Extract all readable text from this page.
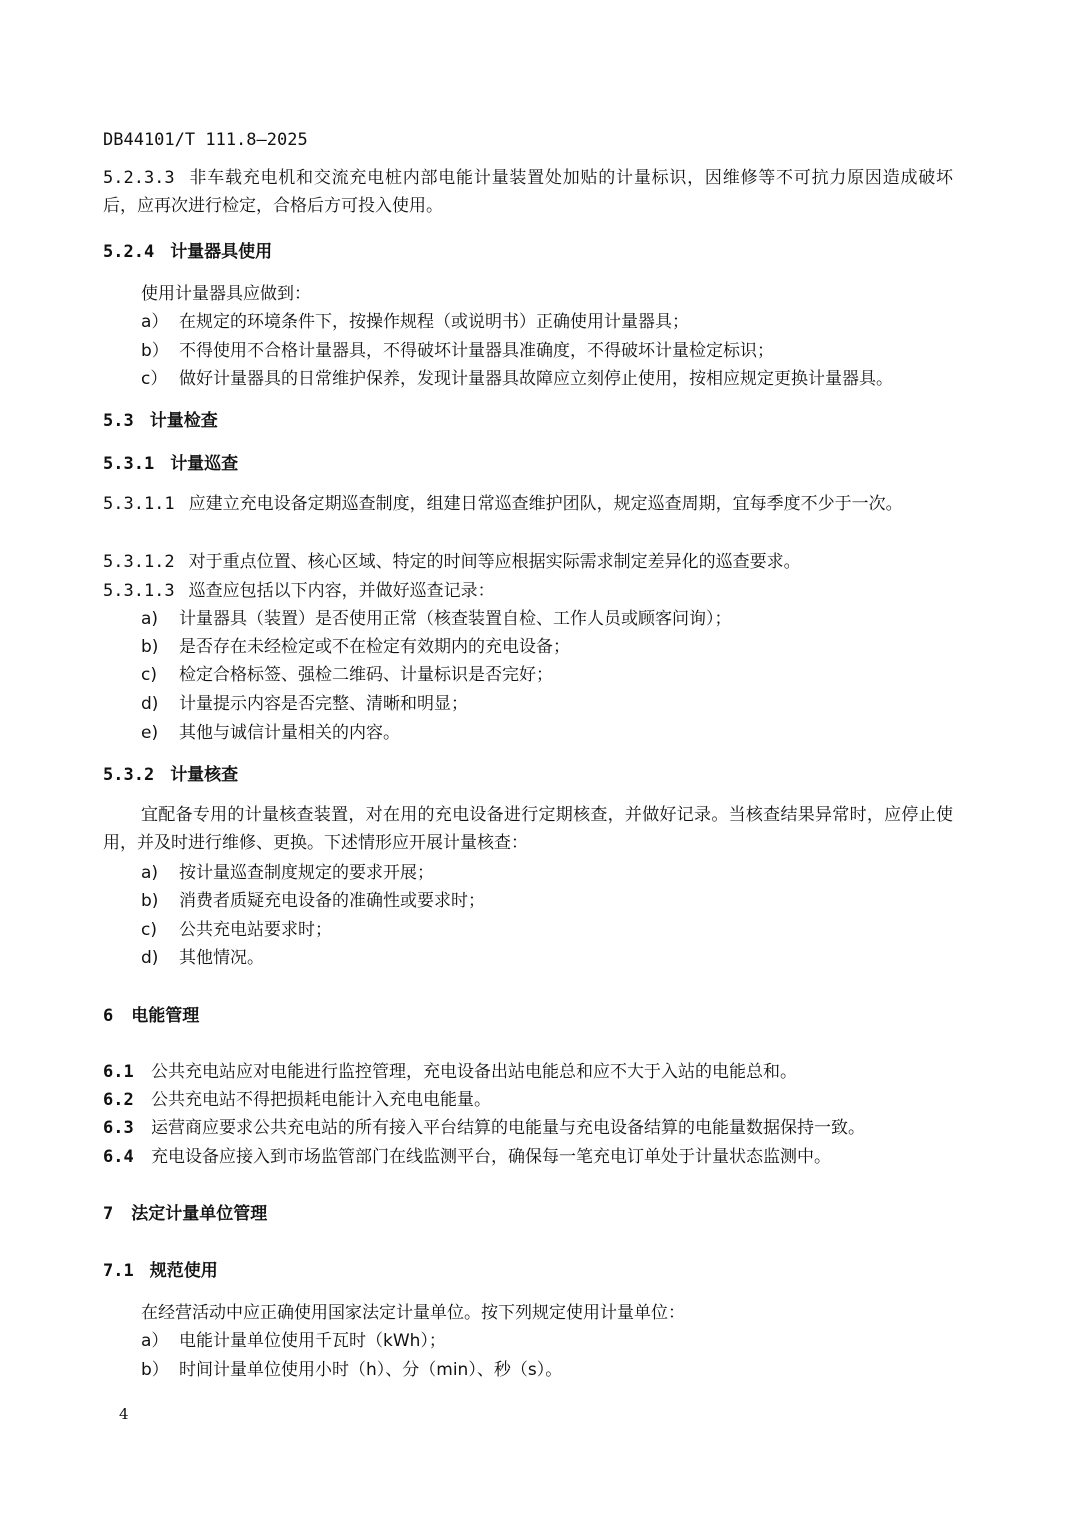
DB44101/T 111.8—2025
5.2.3.3 非车载充电机和交流充电桩内部电能计量装置处加贴的计量标识，因维修等不可抗力原因造成破坏后，应再次进行检定，合格后方可投入使用。
5.2.4 计量器具使用
使用计量器具应做到：
a） 在规定的环境条件下，按操作规程（或说明书）正确使用计量器具；
b） 不得使用不合格计量器具，不得破坏计量器具准确度，不得破坏计量检定标识；
c） 做好计量器具的日常维护保养，发现计量器具故障应立刻停止使用，按相应规定更换计量器具。
5.3 计量检查
5.3.1 计量巡查
5.3.1.1 应建立充电设备定期巡查制度，组建日常巡查维护团队，规定巡查周期，宜每季度不少于一次。
5.3.1.2 对于重点位置、核心区域、特定的时间等应根据实际需求制定差异化的巡查要求。
5.3.1.3 巡查应包括以下内容，并做好巡查记录：
a) 计量器具（装置）是否使用正常（核查装置自检、工作人员或顾客问询）；
b) 是否存在未经检定或不在检定有效期内的充电设备；
c) 检定合格标签、强检二维码、计量标识是否完好；
d) 计量提示内容是否完整、清晰和明显；
e) 其他与诚信计量相关的内容。
5.3.2 计量核查
宜配备专用的计量核查装置，对在用的充电设备进行定期核查，并做好记录。当核查结果异常时，应停止使用，并及时进行维修、更换。下述情形应开展计量核查：
a) 按计量巡查制度规定的要求开展；
b) 消费者质疑充电设备的准确性或要求时；
c) 公共充电站要求时；
d) 其他情况。
6 电能管理
6.1 公共充电站应对电能进行监控管理，充电设备出站电能总和应不大于入站的电能总和。
6.2 公共充电站不得把损耗电能计入充电电能量。
6.3 运营商应要求公共充电站的所有接入平台结算的电能量与充电设备结算的电能量数据保持一致。
6.4 充电设备应接入到市场监管部门在线监测平台，确保每一笔充电订单处于计量状态监测中。
7 法定计量单位管理
7.1 规范使用
在经营活动中应正确使用国家法定计量单位。按下列规定使用计量单位：
a） 电能计量单位使用千瓦时（kWh）；
b） 时间计量单位使用小时（h）、分（min）、秒（s）。
4
